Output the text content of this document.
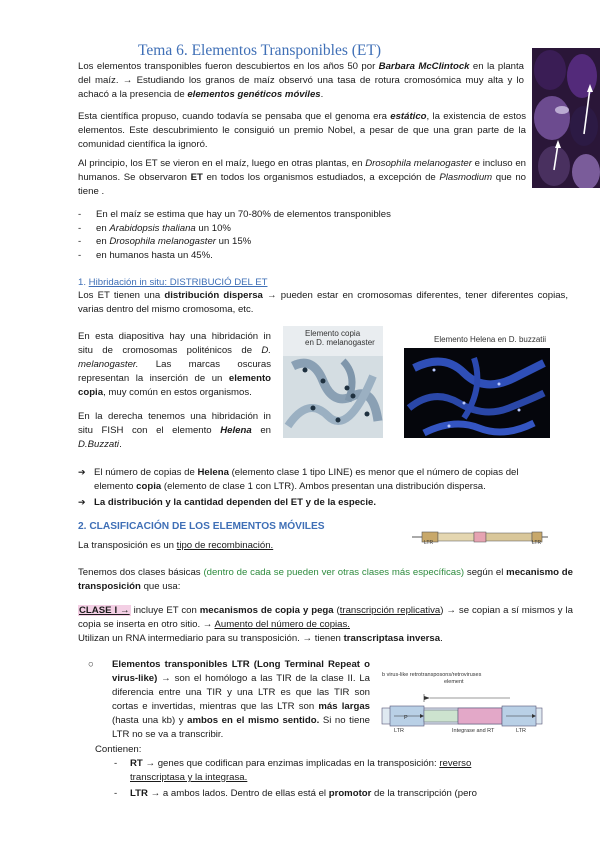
Tema 6. Elementos Transponibles (ET)

Los elementos transponibles fueron descubiertos en los años 50 por Barbara McClintock en la planta del maíz. → Estudiando los granos de maíz observó una tasa de rotura cromosómica muy alta y lo achacó a la presencia de elementos genéticos móviles.

Esta científica propuso, cuando todavía se pensaba que el genoma era estático, la existencia de estos elementos. Este descubrimiento le consiguió un premio Nobel, a pesar de que una gran parte de la comunidad científica la ignoró.

Al principio, los ET se vieron en el maíz, luego en otras plantas, en Drosophila melanogaster e incluso en humanos. Se observaron ET en todos los organismos estudiados, a excepción de Plasmodium que no tiene .

- En el maíz se estima que hay un 70-80% de elementos transponibles
- en Arabidopsis thaliana un 10%
- en Drosophila melanogaster un 15%
- en humanos hasta un 45%.
1. Hibridación in situ: DISTRIBUCIÓ DEL ET

Los ET tienen una distribución dispersa → pueden estar en cromosomas diferentes, tener diferentes copias, varias dentro del mismo cromosoma, etc.

En esta diapositiva hay una hibridación in situ de cromosomas politénicos de D. melanogaster. Las marcas oscuras representan la inserción de un elemento copia, muy común en estos organismos.

En la derecha tenemos una hibridación in situ FISH con el elemento Helena en D.Buzzati.

Elemento copia
en D. melanogaster	Elemento Helena en D. buzzatii
➔ El número de copias de Helena (elemento clase 1 tipo LINE) es menor que el número de copias del elemento copia (elemento de clase 1 con LTR). Ambos presentan una distribución dispersa.
➔ La distribución y la cantidad dependen del ET y de la especie.
2. CLASIFICACIÓN DE LOS ELEMENTOS MÓVILES

La transposición es un tipo de recombinación.	LTR	LTR

Tenemos dos clases básicas (dentro de cada se pueden ver otras clases más específicas) según el mecanismo de transposición que usa:

CLASE I → incluye ET con mecanismos de copia y pega (transcripción replicativa) → se copian a sí mismos y la copia se inserta en otro sitio. → Aumento del número de copias.
Utilizan un RNA intermediario para su transposición. → tienen transcriptasa inversa.

○ Elementos transponibles LTR (Long Terminal Repeat o virus-like) → son el homólogo a las TIR de la clase II. La diferencia entre una TIR y una LTR es que las TIR son cortas e invertidas, mientras que las LTR son más largas (hasta una kb) y ambos en el mismo sentido. Si no tiene LTR no se va a transcribir.

b virus-like retrotransposons/retroviruses
element
P
LTR	Integrase and RT	LTR
Contienen:
- RT → genes que codifican para enzimas implicadas en la transposición: reverso transcriptasa y la integrasa.
- LTR → a ambos lados. Dentro de ellas está el promotor de la transcripción (pero
